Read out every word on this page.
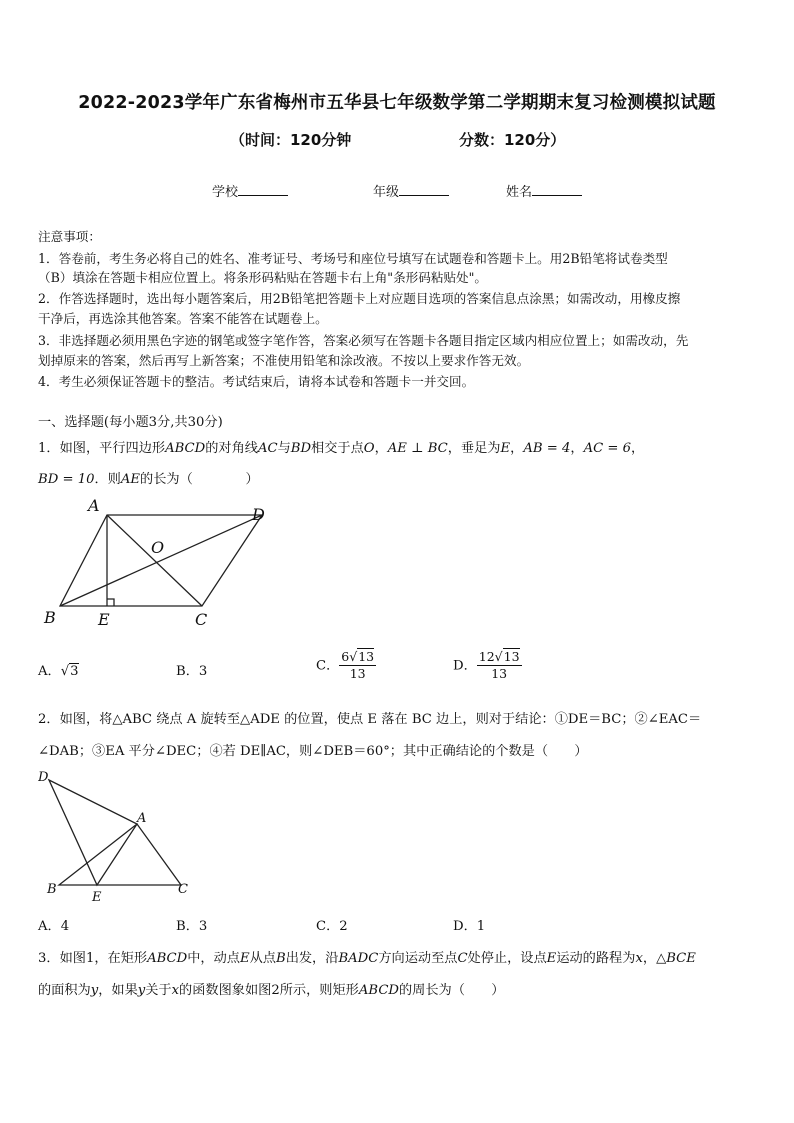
2022-2023学年广东省梅州市五华县七年级数学第二学期期末复习检测模拟试题
（时间：120分钟	分数：120分）
学校	年级	姓名
注意事项：
1．答卷前，考生务必将自己的姓名、准考证号、考场号和座位号填写在试题卷和答题卡上。用2B铅笔将试卷类型
（B）填涂在答题卡相应位置上。将条形码粘贴在答题卡右上角"条形码粘贴处"。
2．作答选择题时，选出每小题答案后，用2B铅笔把答题卡上对应题目选项的答案信息点涂黑；如需改动，用橡皮擦
干净后，再选涂其他答案。答案不能答在试题卷上。
3．非选择题必须用黑色字迹的钢笔或签字笔作答，答案必须写在答题卡各题目指定区域内相应位置上；如需改动，先
划掉原来的答案，然后再写上新答案；不准使用铅笔和涂改液。不按以上要求作答无效。
4．考生必须保证答题卡的整洁。考试结束后，请将本试卷和答题卡一并交回。
一、选择题(每小题3分,共30分)
1．如图，平行四边形ABCD的对角线AC与BD相交于点O，AE ⊥ BC，垂足为E，AB = 4，AC = 6，
BD = 10．则AE的长为（　　　　）
A	D
O
B	E	C
A．√3	B．3	C． $\frac{6√13}{13}$	D． $\frac{12√13}{13}$
2．如图，将△ABC 绕点 A 旋转至△ADE 的位置，使点 E 落在 BC 边上，则对于结论：①DE＝BC；②∠EAC＝
∠DAB；③EA 平分∠DEC；④若 DE∥AC，则∠DEB＝60°；其中正确结论的个数是（　　）
D
A
B
E
C
A．4	B．3	C．2	D．1
3．如图1，在矩形ABCD中，动点E从点B出发，沿BADC方向运动至点C处停止，设点E运动的路程为x，△BCE
的面积为y，如果y关于x的函数图象如图2所示，则矩形ABCD的周长为（　　）
